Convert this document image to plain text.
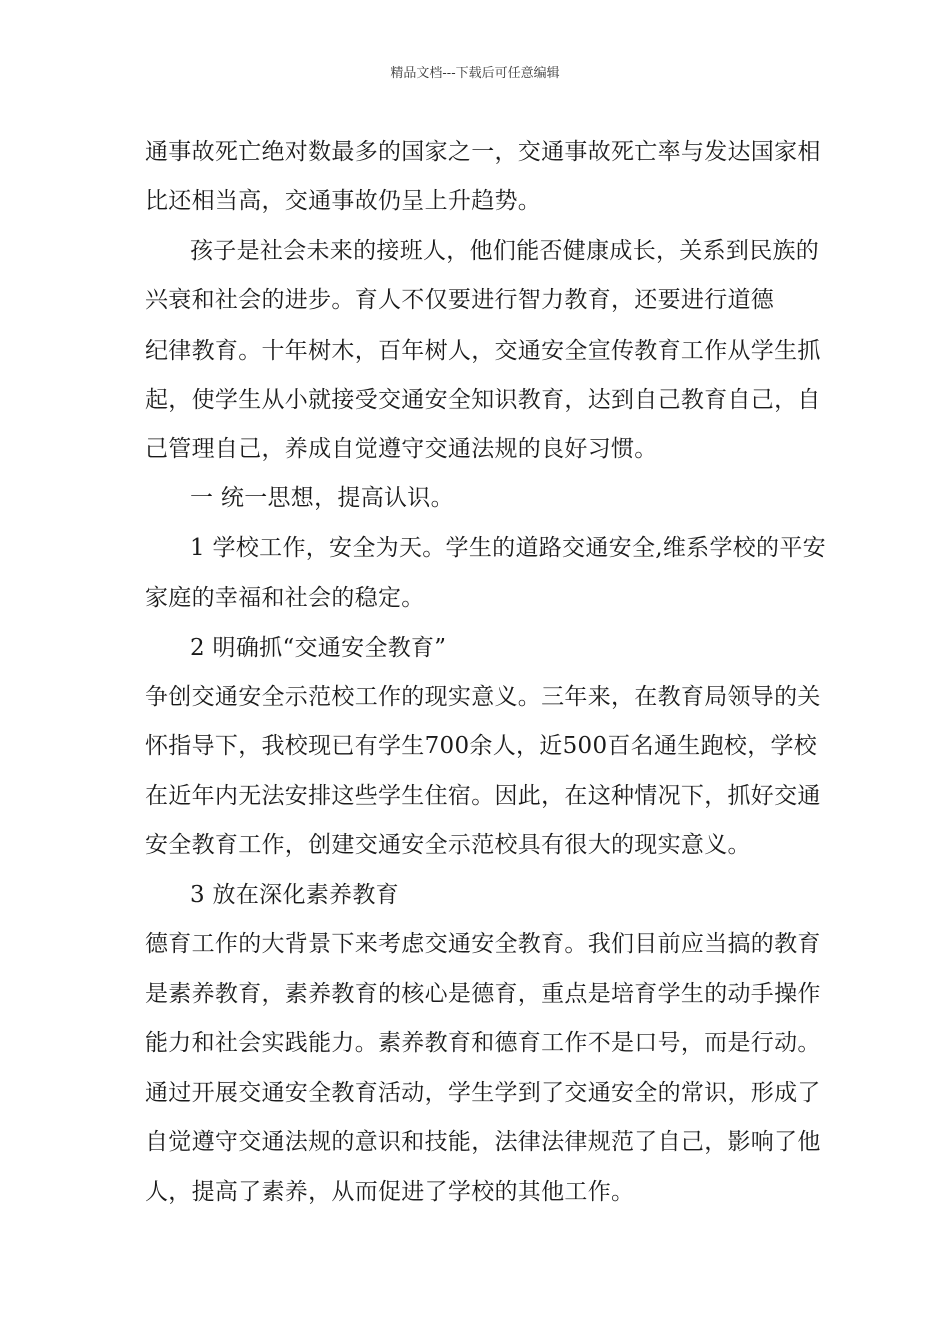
精品文档---下载后可任意编辑
通事故死亡绝对数最多的国家之一，交通事故死亡率与发达国家相
比还相当高，交通事故仍呈上升趋势。
孩子是社会未来的接班人，他们能否健康成长，关系到民族的
兴衰和社会的进步。育人不仅要进行智力教育，还要进行道德
纪律教育。十年树木，百年树人，交通安全宣传教育工作从学生抓
起，使学生从小就接受交通安全知识教育，达到自己教育自己，自
己管理自己，养成自觉遵守交通法规的良好习惯。
一 统一思想，提高认识。
1 学校工作，安全为天。学生的道路交通安全,维系学校的平安
家庭的幸福和社会的稳定。
2 明确抓“交通安全教育”
争创交通安全示范校工作的现实意义。三年来，在教育局领导的关
怀指导下，我校现已有学生700余人，近500百名通生跑校，学校
在近年内无法安排这些学生住宿。因此，在这种情况下，抓好交通
安全教育工作，创建交通安全示范校具有很大的现实意义。
3 放在深化素养教育
德育工作的大背景下来考虑交通安全教育。我们目前应当搞的教育
是素养教育，素养教育的核心是德育，重点是培育学生的动手操作
能力和社会实践能力。素养教育和德育工作不是口号，而是行动。
通过开展交通安全教育活动，学生学到了交通安全的常识，形成了
自觉遵守交通法规的意识和技能，法律法律规范了自己，影响了他
人，提高了素养，从而促进了学校的其他工作。
